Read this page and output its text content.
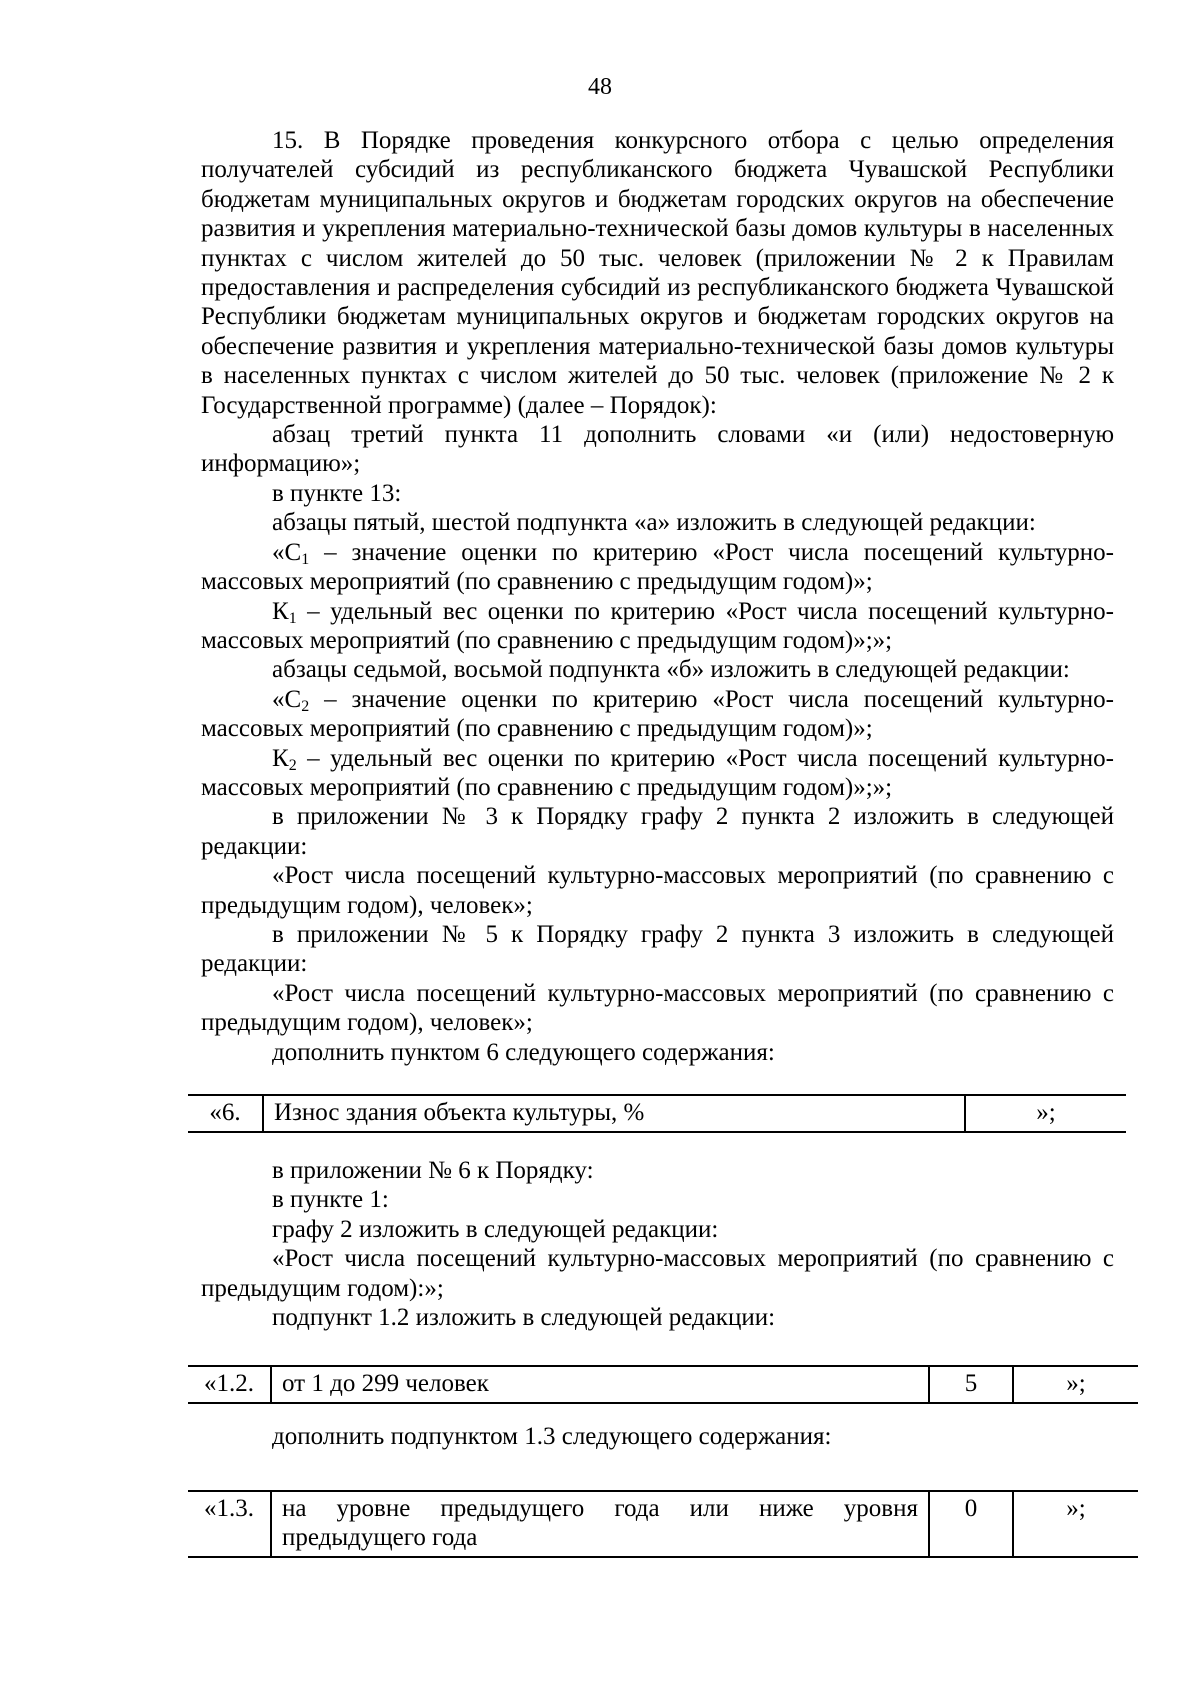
48

15. В Порядке проведения конкурсного отбора с целью определения получателей субсидий из республиканского бюджета Чувашской Республики бюджетам муниципальных округов и бюджетам городских округов на обеспечение развития и укрепления материально-технической базы домов культуры в населенных пунктах с числом жителей до 50 тыс. человек (приложении № 2 к Правилам предоставления и распределения субсидий из республиканского бюджета Чувашской Республики бюджетам муниципальных округов и бюджетам городских округов на обеспечение развития и укрепления материально-технической базы домов культуры в населенных пунктах с числом жителей до 50 тыс. человек (приложение № 2 к Государственной программе) (далее – Порядок):

абзац третий пункта 11 дополнить словами «и (или) недостоверную информацию»;

в пункте 13:

абзацы пятый, шестой подпункта «а» изложить в следующей редакции:

«$С_1$ – значение оценки по критерию «Рост числа посещений культурно-массовых мероприятий (по сравнению с предыдущим годом)»;

$К_1$ – удельный вес оценки по критерию «Рост числа посещений культурно-массовых мероприятий (по сравнению с предыдущим годом)»;»;

абзацы седьмой, восьмой подпункта «б» изложить в следующей редакции:

«$С_2$ – значение оценки по критерию «Рост числа посещений культурно-массовых мероприятий (по сравнению с предыдущим годом)»;

$К_2$ – удельный вес оценки по критерию «Рост числа посещений культурно-массовых мероприятий (по сравнению с предыдущим годом)»;»;

в приложении № 3 к Порядку графу 2 пункта 2 изложить в следующей редакции:

«Рост числа посещений культурно-массовых мероприятий (по сравнению с предыдущим годом), человек»;

в приложении № 5 к Порядку графу 2 пункта 3 изложить в следующей редакции:

«Рост числа посещений культурно-массовых мероприятий (по сравнению с предыдущим годом), человек»;

дополнить пунктом 6 следующего содержания:

«6.	Износ здания объекта культуры, %	»;

в приложении № 6 к Порядку:

в пункте 1:

графу 2 изложить в следующей редакции:

«Рост числа посещений культурно-массовых мероприятий (по сравнению с предыдущим годом):»;

подпункт 1.2 изложить в следующей редакции:

«1.2.	от 1 до 299 человек	5	»;

дополнить подпунктом 1.3 следующего содержания:

«1.3.	на уровне предыдущего года или ниже уровня предыдущего года	0	»;
